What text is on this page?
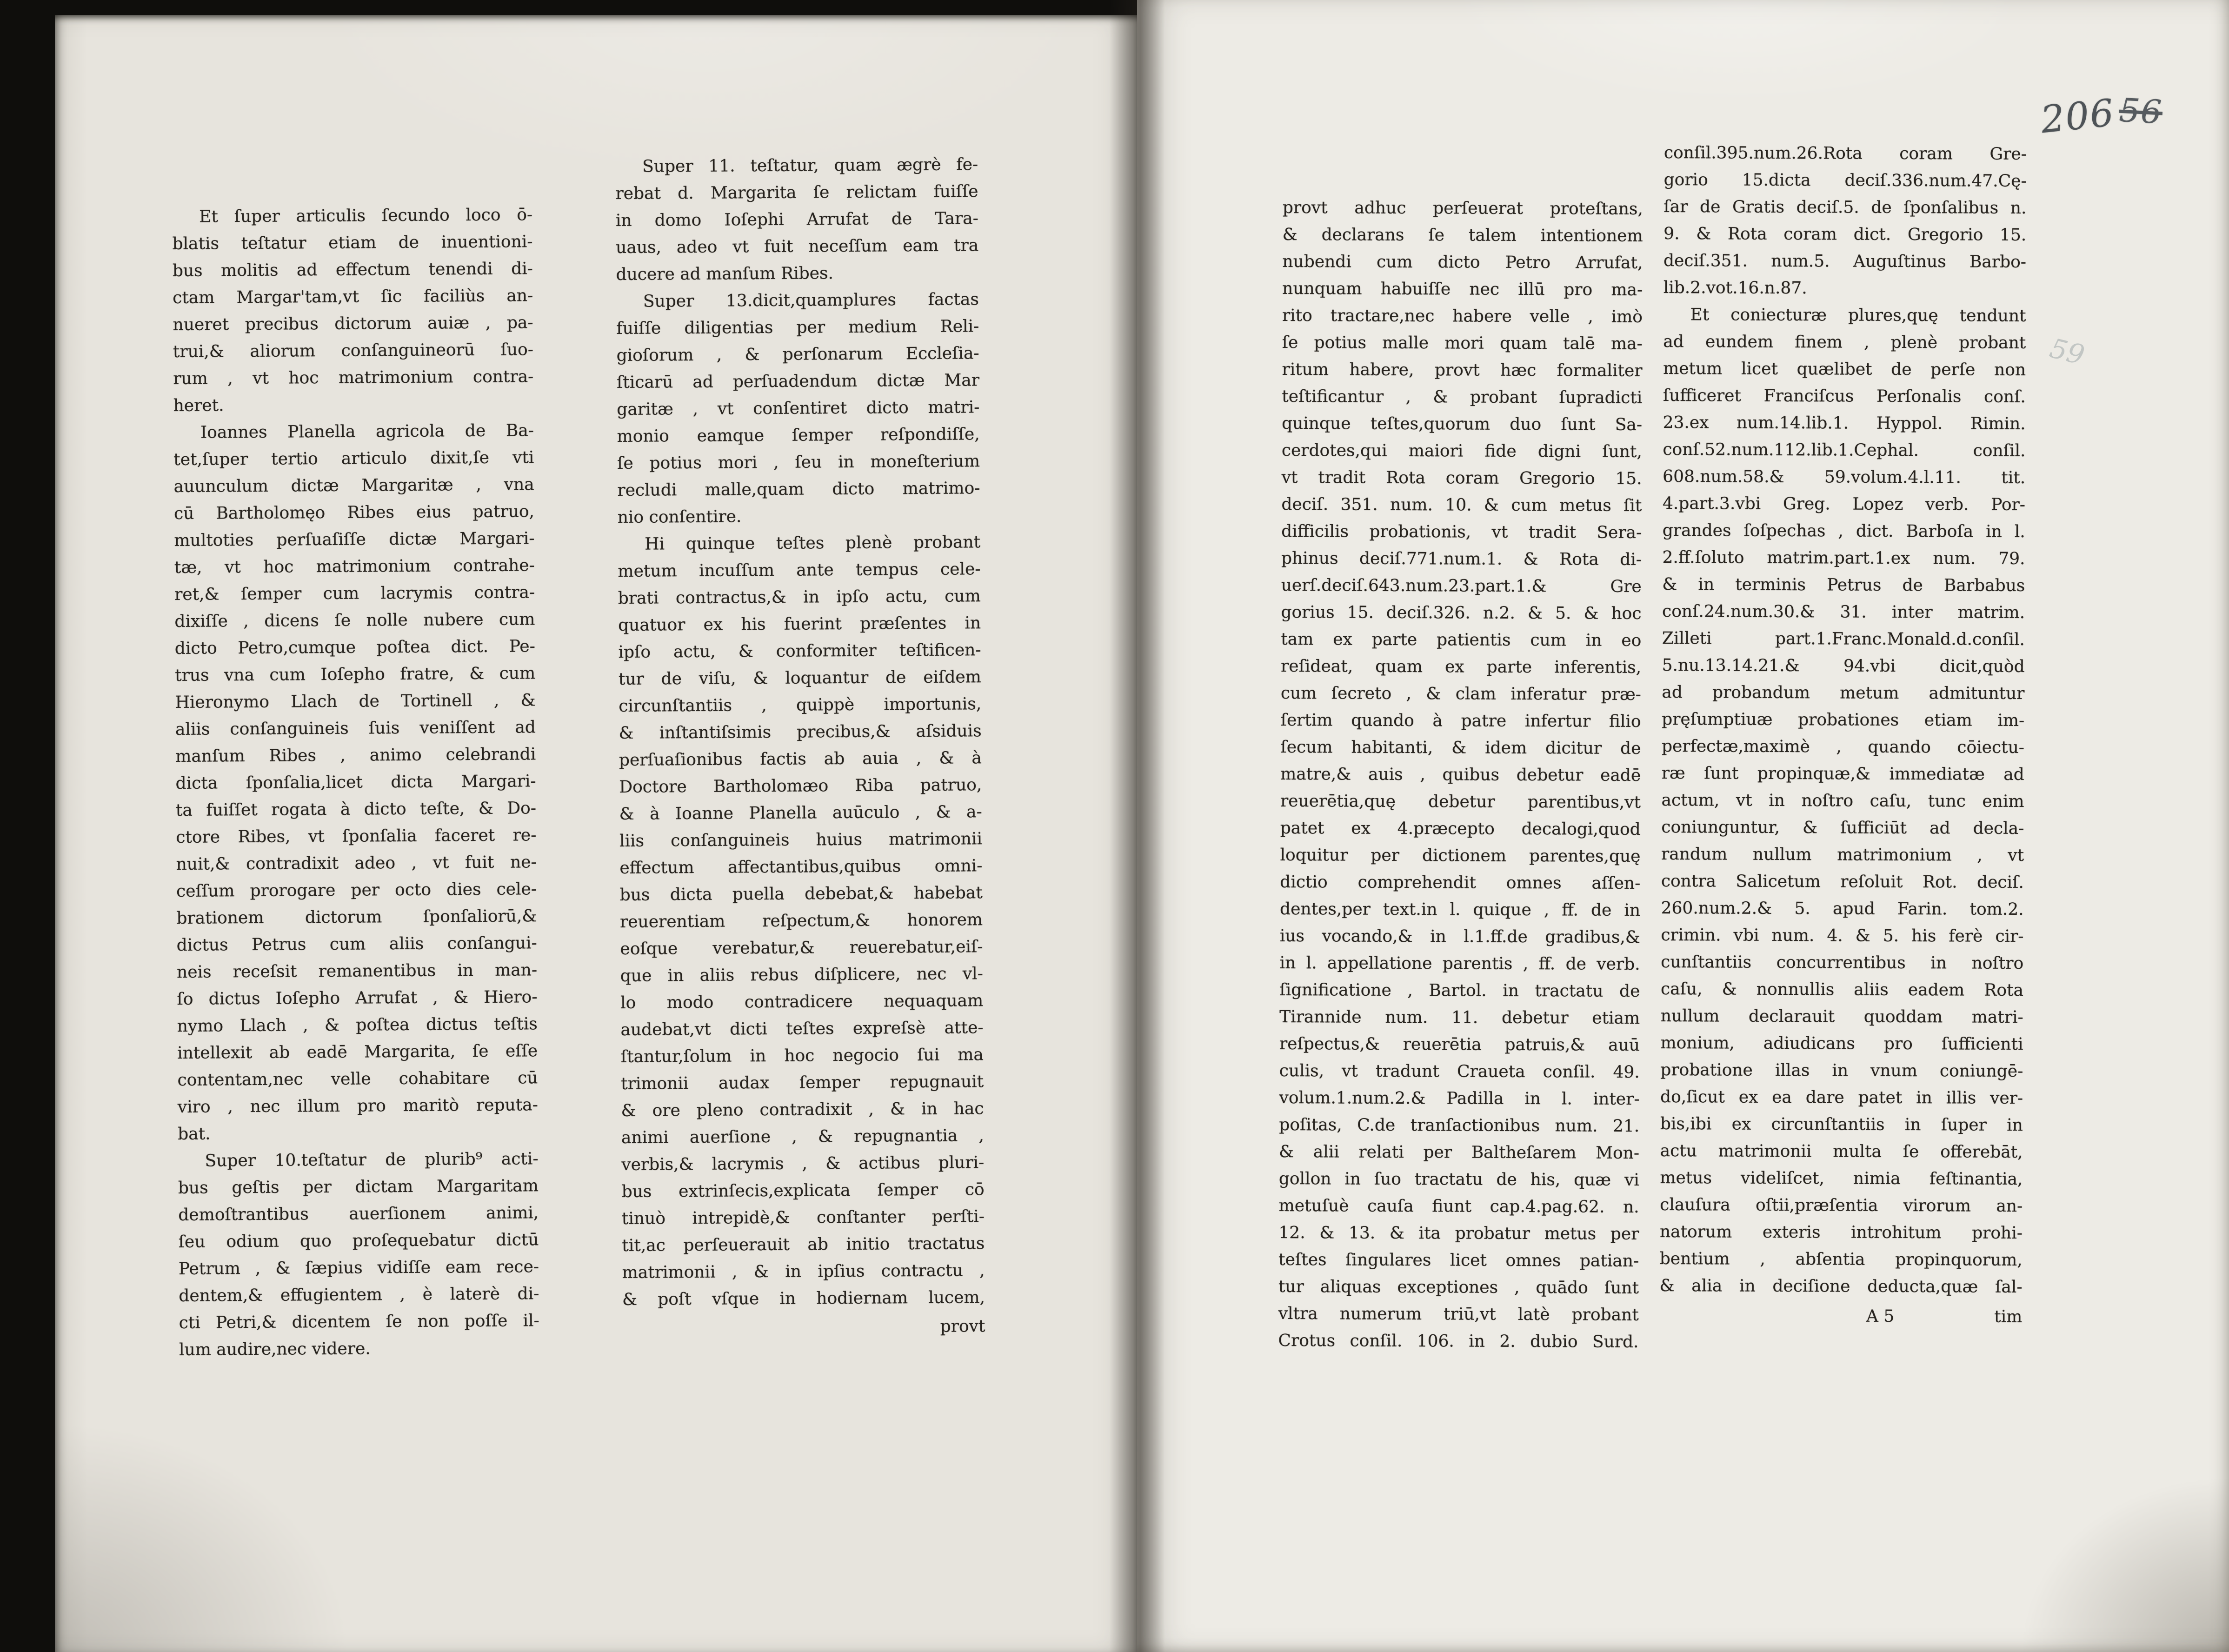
Et ſuper articulis ſecundo loco ō-
blatis teſtatur etiam de inuentioni-
bus molitis ad effectum tenendi di-
ctam Margar'tam,vt ſic faciliùs an-
nueret precibus dictorum auiæ , pa-
trui,& aliorum conſanguineorū ſuo-
rum , vt hoc matrimonium contra-
heret.
Ioannes Planella agricola de Ba-
tet,ſuper tertio articulo dixit,ſe vti
auunculum dictæ Margaritæ , vna
cū Bartholomęo Ribes eius patruo,
multoties perſuaſiſſe dictæ Margari-
tæ, vt hoc matrimonium contrahe-
ret,& ſemper cum lacrymis contra-
dixiſſe , dicens ſe nolle nubere cum
dicto Petro,cumque poſtea dict. Pe-
trus vna cum Ioſepho fratre, & cum
Hieronymo Llach de Tortinell , &
aliis conſanguineis ſuis veniſſent ad
manſum Ribes , animo celebrandi
dicta ſponſalia,licet dicta Margari-
ta fuiſſet rogata à dicto teſte, & Do-
ctore Ribes, vt ſponſalia faceret re-
nuit,& contradixit adeo , vt fuit ne-
ceſſum prorogare per octo dies cele-
brationem dictorum ſponſaliorū,&
dictus Petrus cum aliis conſangui-
neis receſsit remanentibus in man-
ſo dictus Ioſepho Arrufat , & Hiero-
nymo Llach , & poſtea dictus teſtis
intellexit ab eadē Margarita, ſe eſſe
contentam,nec velle cohabitare cū
viro , nec illum pro maritò reputa-
bat.
Super 10.teſtatur de plurib⁹ acti-
bus geſtis per dictam Margaritam
demoſtrantibus auerſionem animi,
ſeu odium quo proſequebatur dictū
Petrum , & ſæpius vidiſſe eam rece-
dentem,& effugientem , è laterè di-
cti Petri,& dicentem ſe non poſſe il-
lum audire,nec videre.
Super 11. teſtatur, quam ægrè fe-
rebat d. Margarita ſe relictam fuiſſe
in domo Ioſephi Arrufat de Tara-
uaus, adeo vt fuit neceſſum eam tra
ducere ad manſum Ribes.
Super 13.dicit,quamplures factas
fuiſſe diligentias per medium Reli-
gioſorum , & perſonarum Eccleſia-
ſticarū ad perſuadendum dictæ Mar
garitæ , vt conſentiret dicto matri-
monio eamque ſemper reſpondiſſe,
ſe potius mori , ſeu in moneſterium
recludi malle,quam dicto matrimo-
nio conſentire.
Hi quinque teſtes plenè probant
metum incuſſum ante tempus cele-
brati contractus,& in ipſo actu, cum
quatuor ex his fuerint præſentes in
ipſo actu, & conformiter teſtificen-
tur de viſu, & loquantur de eiſdem
circunſtantiis , quippè importunis,
& inſtantiſsimis precibus,& aſsiduis
perſuaſionibus factis ab auia , & à
Doctore Bartholomæo Riba patruo,
& à Ioanne Planella auūculo , & a-
liis conſanguineis huius matrimonii
effectum affectantibus,quibus omni-
bus dicta puella debebat,& habebat
reuerentiam reſpectum,& honorem
eoſque verebatur,& reuerebatur,eiſ-
que in aliis rebus diſplicere, nec vl-
lo modo contradicere nequaquam
audebat,vt dicti teſtes expreſsè atte-
ſtantur,ſolum in hoc negocio ſui ma
trimonii audax ſemper repugnauit
& ore pleno contradixit , & in hac
animi auerſione , & repugnantia ,
verbis,& lacrymis , & actibus pluri-
bus extrinſecis,explicata ſemper cō
tinuò intrepidè,& conſtanter perſti-
tit,ac perſeuerauit ab initio tractatus
matrimonii , & in ipſius contractu ,
& poſt vſque in hodiernam lucem,
provt
provt adhuc perſeuerat proteſtans,
& declarans ſe talem intentionem
nubendi cum dicto Petro Arrufat,
nunquam habuiſſe nec illū pro ma-
rito tractare,nec habere velle , imò
ſe potius malle mori quam talē ma-
ritum habere, provt hæc formaliter
teſtificantur , & probant ſupradicti
quinque teſtes,quorum duo ſunt Sa-
cerdotes,qui maiori fide digni ſunt,
vt tradit Rota coram Gregorio 15.
deciſ. 351. num. 10. & cum metus ſit
difficilis probationis, vt tradit Sera-
phinus deciſ.771.num.1. & Rota di-
uerſ.deciſ.643.num.23.part.1.& Gre
gorius 15. deciſ.326. n.2. & 5. & hoc
tam ex parte patientis cum in eo
reſideat, quam ex parte inferentis,
cum ſecreto , & clam inferatur præ-
ſertim quando à patre infertur filio
ſecum habitanti, & idem dicitur de
matre,& auis , quibus debetur eadē
reuerētia,quę debetur parentibus,vt
patet ex 4.præcepto decalogi,quod
loquitur per dictionem parentes,quę
dictio comprehendit omnes aſſen-
dentes,per text.in l. quique , ff. de in
ius vocando,& in l.1.ff.de gradibus,&
in l. appellatione parentis , ff. de verb.
ſignificatione , Bartol. in tractatu de
Tirannide num. 11. debetur etiam
reſpectus,& reuerētia patruis,& auū
culis, vt tradunt Craueta conſil. 49.
volum.1.num.2.& Padilla in l. inter-
poſitas, C.de tranſactionibus num. 21.
& alii relati per Baltheſarem Mon-
gollon in ſuo tractatu de his, quæ vi
metuſuè cauſa fiunt cap.4.pag.62. n.
12. & 13. & ita probatur metus per
teſtes ſingulares licet omnes patian-
tur aliquas exceptiones , quādo ſunt
vltra numerum triū,vt latè probant
Crotus conſil. 106. in 2. dubio Surd.
conſil.395.num.26.Rota coram Gre-
gorio 15.dicta deciſ.336.num.47.Cę-
ſar de Gratis deciſ.5. de ſponſalibus n.
9. & Rota coram dict. Gregorio 15.
deciſ.351. num.5. Auguſtinus Barbo-
lib.2.vot.16.n.87.
Et coniecturæ plures,quę tendunt
ad eundem finem , plenè probant
metum licet quælibet de perſe non
ſufficeret Franciſcus Perſonalis conſ.
23.ex num.14.lib.1. Hyppol. Rimin.
conſ.52.num.112.lib.1.Cephal. conſil.
608.num.58.& 59.volum.4.l.11. tit.
4.part.3.vbi Greg. Lopez verb. Por-
grandes ſoſpechas , dict. Barboſa in l.
2.ff.ſoluto matrim.part.1.ex num. 79.
& in terminis Petrus de Barbabus
conſ.24.num.30.& 31. inter matrim.
Zilleti part.1.Franc.Monald.d.conſil.
5.nu.13.14.21.& 94.vbi dicit,quòd
ad probandum metum admituntur
pręſumptiuæ probationes etiam im-
perfectæ,maximè , quando cōiectu-
ræ ſunt propinquæ,& immediatæ ad
actum, vt in noſtro caſu, tunc enim
coniunguntur, & ſufficiūt ad decla-
randum nullum matrimonium , vt
contra Salicetum reſoluit Rot. deciſ.
260.num.2.& 5. apud Farin. tom.2.
crimin. vbi num. 4. & 5. his ferè cir-
cunſtantiis concurrentibus in noſtro
caſu, & nonnullis aliis eadem Rota
nullum declarauit quoddam matri-
monium, adiudicans pro ſufficienti
probatione illas in vnum coniungē-
do,ſicut ex ea dare patet in illis ver-
bis,ibi ex circunſtantiis in ſuper in
actu matrimonii multa ſe offerebāt,
metus videliſcet, nimia feſtinantia,
clauſura oſtii,præſentia virorum an-
natorum exteris introhitum prohi-
bentium , abſentia propinquorum,
& alia in deciſione deducta,quæ ſal-
A 5	tim
20656
59
